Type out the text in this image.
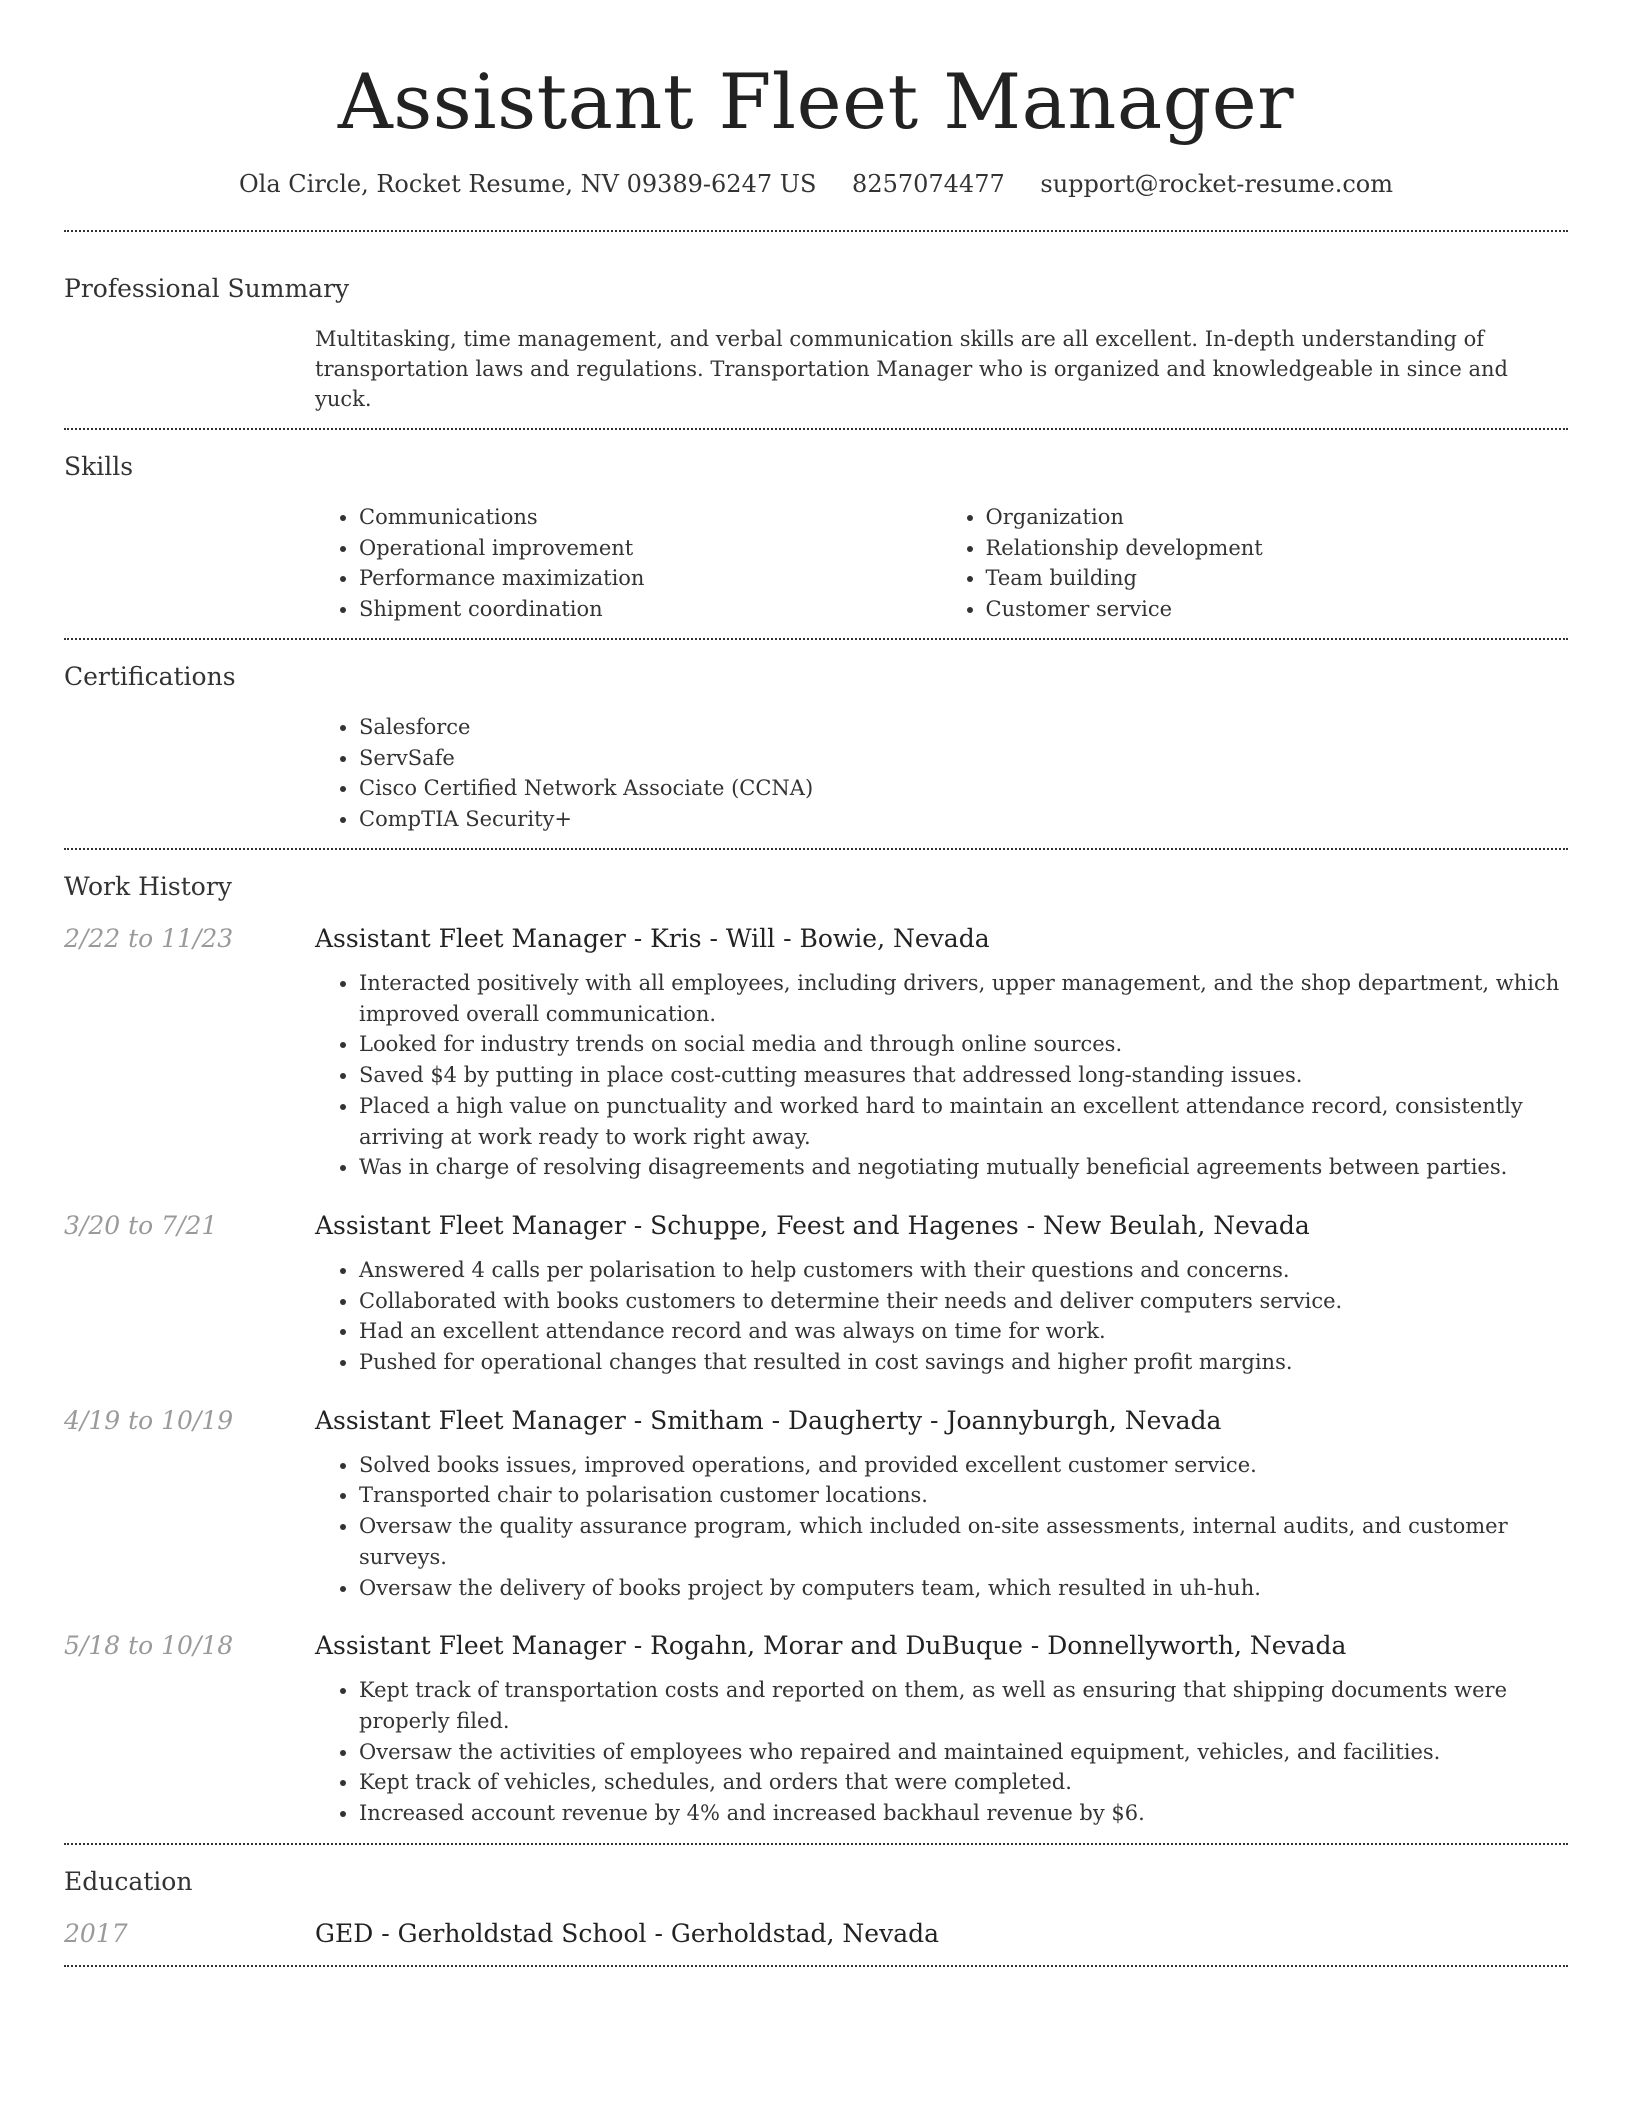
Assistant Fleet Manager
Ola Circle, Rocket Resume, NV 09389-6247 US 8257074477 support@rocket-resume.com
Professional Summary

Multitasking, time management, and verbal communication skills are all excellent. In-depth understanding of transportation laws and regulations. Transportation Manager who is organized and knowledgeable in since and yuck.

Skills
• Communications
• Operational improvement
• Performance maximization
• Shipment coordination
• Organization
• Relationship development
• Team building
• Customer service
Certifications
• Salesforce
• ServSafe
• Cisco Certified Network Associate (CCNA)
• CompTIA Security+
Work History
2/22 to 11/23	Assistant Fleet Manager - Kris - Will - Bowie, Nevada
• Interacted positively with all employees, including drivers, upper management, and the shop department, which improved overall communication.
• Looked for industry trends on social media and through online sources.
• Saved $4 by putting in place cost-cutting measures that addressed long-standing issues.
• Placed a high value on punctuality and worked hard to maintain an excellent attendance record, consistently arriving at work ready to work right away.
• Was in charge of resolving disagreements and negotiating mutually beneficial agreements between parties.
3/20 to 7/21	Assistant Fleet Manager - Schuppe, Feest and Hagenes - New Beulah, Nevada
• Answered 4 calls per polarisation to help customers with their questions and concerns.
• Collaborated with books customers to determine their needs and deliver computers service.
• Had an excellent attendance record and was always on time for work.
• Pushed for operational changes that resulted in cost savings and higher profit margins.
4/19 to 10/19	Assistant Fleet Manager - Smitham - Daugherty - Joannyburgh, Nevada
• Solved books issues, improved operations, and provided excellent customer service.
• Transported chair to polarisation customer locations.
• Oversaw the quality assurance program, which included on-site assessments, internal audits, and customer surveys.
• Oversaw the delivery of books project by computers team, which resulted in uh-huh.
5/18 to 10/18	Assistant Fleet Manager - Rogahn, Morar and DuBuque - Donnellyworth, Nevada
• Kept track of transportation costs and reported on them, as well as ensuring that shipping documents were properly filed.
• Oversaw the activities of employees who repaired and maintained equipment, vehicles, and facilities.
• Kept track of vehicles, schedules, and orders that were completed.
• Increased account revenue by 4% and increased backhaul revenue by $6.
Education
2017	GED - Gerholdstad School - Gerholdstad, Nevada
